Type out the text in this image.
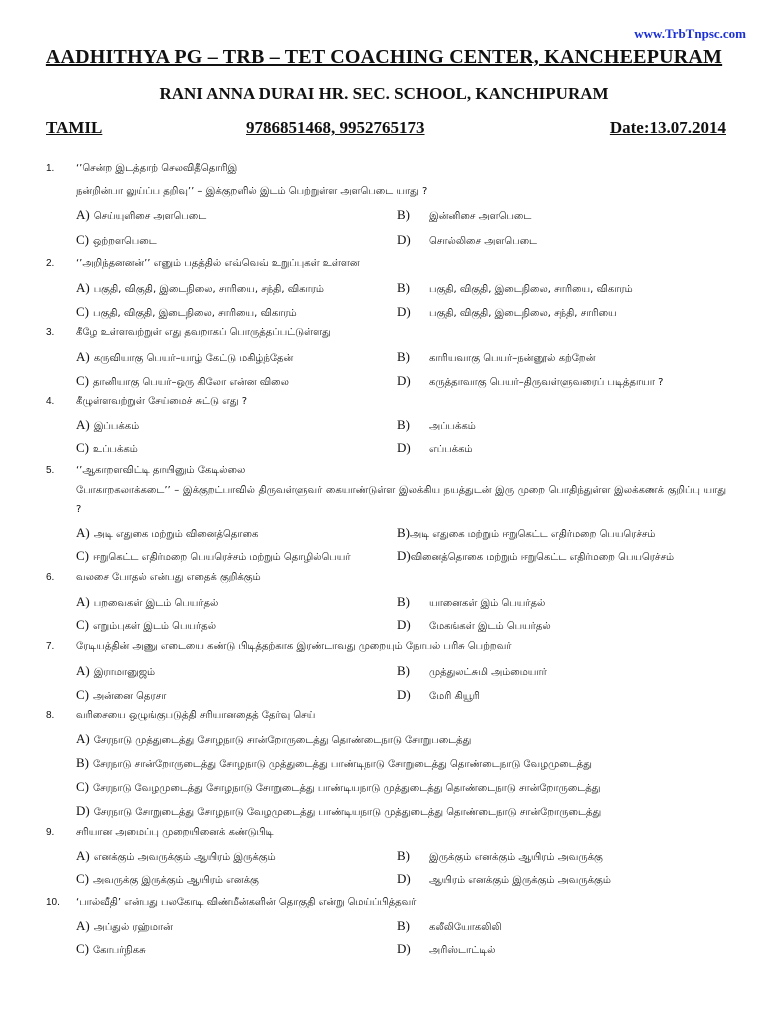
www.TrbTnpsc.com
AADHITHYA PG – TRB – TET COACHING CENTER, KANCHEEPURAM
RANI ANNA DURAI HR. SEC. SCHOOL, KANCHIPURAM
TAMIL	9786851468, 9952765173	Date:13.07.2014
1. ‘’சென்ற இடத்தாற் செலவிதீதொரிஇ
நன்றின்பா லுய்ப்ப தறிவு’’ – இக்குறளில் இடம் பெற்றுள்ள அளபெடை யாது ?
A) செய்யுளிசை அளபெடை	B) இன்னிசை அளபெடை
C) ஒற்றளபெடை	D) சொல்லிசை அளபெடை
2. ‘’அறிந்தனனன்’’ எனும் பதத்தில் எவ்வெவ் உறுப்புகள் உள்ளன
A) பகுதி, விகுதி, இடைநிலை, சாரியை, சந்தி, விகாரம்	B) பகுதி, விகுதி, இடைநிலை, சாரியை, விகாரம்
C) பகுதி, விகுதி, இடைநிலை, சாரியை, விகாரம்	D) பகுதி, விகுதி, இடைநிலை, சந்தி, சாரியை
3. கீழே உள்ளவற்றுள் எது தவறாகப் பொருத்தப்பட்டுள்ளது
A) கருவியாகு பெயர்–யாழ் கேட்டு மகிழ்ந்தேன்	B) காரியவாகு பெயர்–நன்னூல் கற்றேன்
C) தானியாகு பெயர்–ஒரு கிலோ என்ன விலை	D) கருத்தாவாகு பெயர்–திருவள்ளுவரைப் படித்தாயா ?
4. கீழுள்ளவற்றுள் சேய்மைச் சுட்டு எது ?
A) இப்பக்கம்	B) அப்பக்கம்
C) உப்பக்கம்	D) எப்பக்கம்
5. ‘’ஆகாறளவிட்டி தாயினும் கேடில்லை
போகாறகலாக்கடை’’ – இக்குறட்பாவில் திருவள்ளுவர் கையாண்டுள்ள இலக்கிய நயத்துடன் இரு முறை பொதிந்துள்ள இலக்கணக் குறிப்பு யாது ?
A) அடி எதுகை மற்றும் வினைத்தொகை	B)அடி எதுகை மற்றும் ஈறுகெட்ட எதிர்மறை பெயரெச்சம்
C) ஈறுகெட்ட எதிர்மறை பெயரெச்சம் மற்றும் தொழில்பெயர்	D)வினைத்தொகை மற்றும் ஈறுகெட்ட எதிர்மறை பெயரெச்சம்
6. வலசை போதல் என்பது எதைக் குறிக்கும்
A) பறவைகள் இடம் பெயர்தல்	B) யானைகள் இம் பெயர்தல்
C) எறும்புகள் இடம் பெயர்தல்	D) மேகங்கள் இடம் பெயர்தல்
7. ரேடியத்தின் அணு எடையை கண்டு பிடித்தற்காக இரண்டாவது முறையும் நோபல் பரிசு பெற்றவர்
A) இராமானுஜம்	B) முத்துலட்சுமி அம்மையார்
C) அன்னை தெரசா	D) மேரி கியூரி
8. வரிசையை ஒழுங்குபடுத்தி சரியானதைத் தேர்வு செய்
A) சேரநாடு முத்துடைத்து சோழநாடு சான்றோருடைத்து தொண்டைநாடு சோறுபடைத்து
B) சேரநாடு சான்றோருடைத்து சோழநாடு முத்துடைத்து பாண்டிநாடு சோறுடைத்து தொண்டைநாடு வேழமுடைத்து
C) சேரநாடு வேழமுடைத்து சோழநாடு சோறுடைத்து பாண்டியநாடு முத்துடைத்து தொண்டைநாடு சான்றோருடைத்து
D) சேரநாடு சோறுடைத்து சோழநாடு வேழமுடைத்து பாண்டியநாடு முத்துடைத்து தொண்டைநாடு சான்றோருடைத்து
9. சரியான அமைப்பு முறையினைக் கண்டுபிடி
A) எனக்கும் அவருக்கும் ஆயிரம் இருக்கும்	B) இருக்கும் எனக்கும் ஆயிரம் அவருக்கு
C) அவருக்கு இருக்கும் ஆயிரம் எனக்கு	D) ஆயிரம் எனக்கும் இருக்கும் அவருக்கும்
10. ‘பால்வீதி’ என்பது பலகோடி விண்மீன்களின் தொகுதி என்று மெய்ப்பித்தவர்
A) அப்துல் ரஹ்மான்	B) கலீலியோகலிலி
C) கோபர்நிகசு	D) அரிஸ்டாட்டில்
